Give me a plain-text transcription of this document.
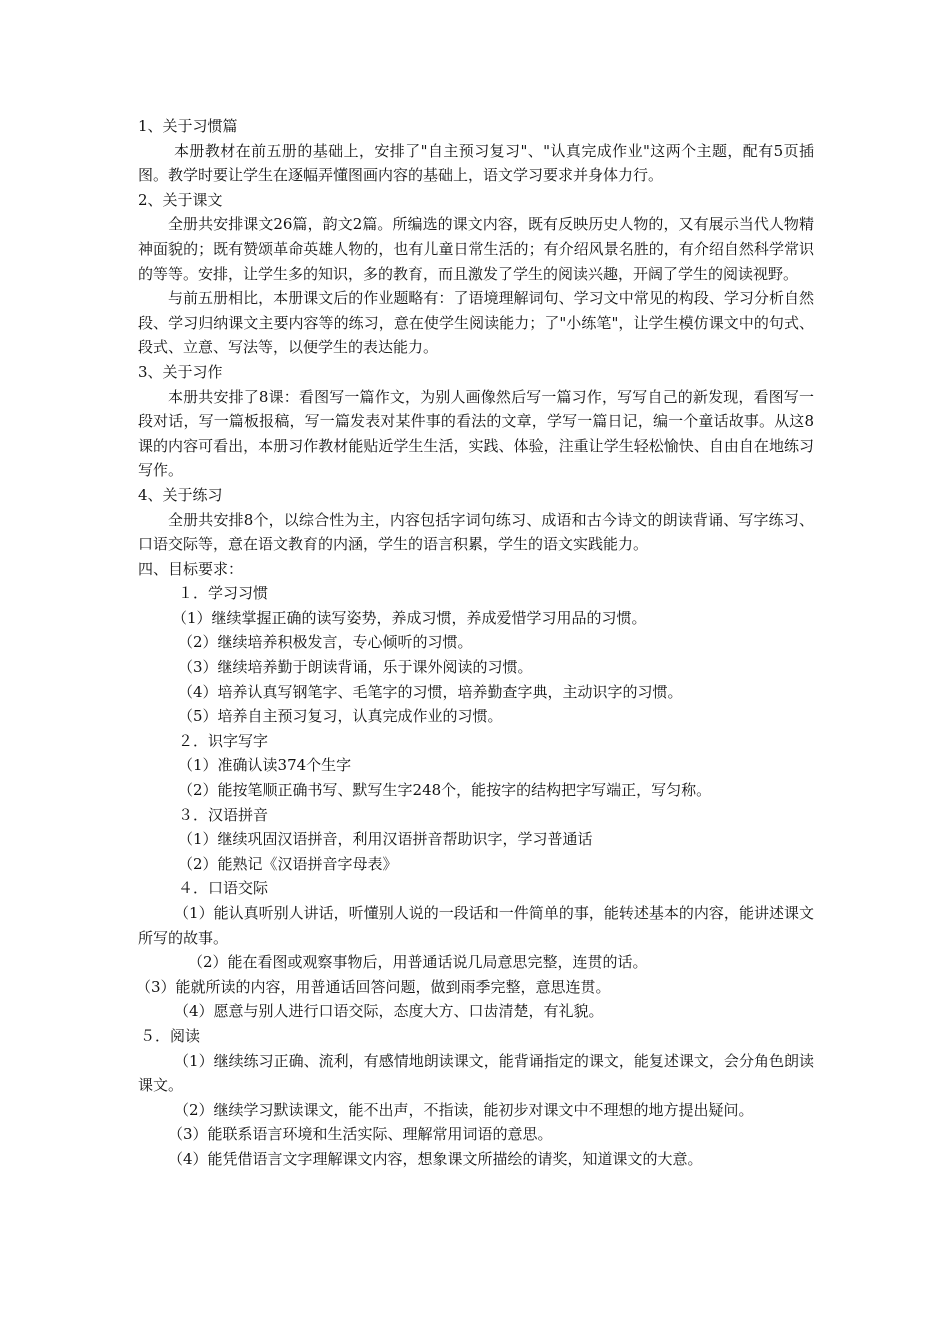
1、关于习惯篇
本册教材在前五册的基础上，安排了"自主预习复习"、"认真完成作业"这两个主题，配有5页插图。教学时要让学生在逐幅弄懂图画内容的基础上，语文学习要求并身体力行。
2、关于课文
全册共安排课文26篇，韵文2篇。所编选的课文内容，既有反映历史人物的，又有展示当代人物精神面貌的；既有赞颂革命英雄人物的，也有儿童日常生活的；有介绍风景名胜的，有介绍自然科学常识的等等。安排，让学生多的知识，多的教育，而且激发了学生的阅读兴趣，开阔了学生的阅读视野。
与前五册相比，本册课文后的作业题略有：了语境理解词句、学习文中常见的构段、学习分析自然段、学习归纳课文主要内容等的练习，意在使学生阅读能力；了"小练笔"，让学生模仿课文中的句式、段式、立意、写法等，以便学生的表达能力。
3、关于习作
本册共安排了8课：看图写一篇作文，为别人画像然后写一篇习作，写写自己的新发现，看图写一段对话，写一篇板报稿，写一篇发表对某件事的看法的文章，学写一篇日记，编一个童话故事。从这8课的内容可看出，本册习作教材能贴近学生生活，实践、体验，注重让学生轻松愉快、自由自在地练习写作。
4、关于练习
全册共安排8个，以综合性为主，内容包括字词句练习、成语和古今诗文的朗读背诵、写字练习、口语交际等，意在语文教育的内涵，学生的语言积累，学生的语文实践能力。
四、目标要求：
１．学习习惯
（1）继续掌握正确的读写姿势，养成习惯，养成爱惜学习用品的习惯。
（2）继续培养积极发言，专心倾听的习惯。
（3）继续培养勤于朗读背诵，乐于课外阅读的习惯。
（4）培养认真写钢笔字、毛笔字的习惯，培养勤查字典，主动识字的习惯。
（5）培养自主预习复习，认真完成作业的习惯。
２．识字写字
（1）准确认读374个生字
（2）能按笔顺正确书写、默写生字248个，能按字的结构把字写端正，写匀称。
３．汉语拼音
（1）继续巩固汉语拼音，利用汉语拼音帮助识字，学习普通话
（2）能熟记《汉语拼音字母表》
４．口语交际
（1）能认真听别人讲话，听懂别人说的一段话和一件简单的事，能转述基本的内容，能讲述课文所写的故事。
（2）能在看图或观察事物后，用普通话说几局意思完整，连贯的话。
（3）能就所读的内容，用普通话回答问题，做到雨季完整，意思连贯。
（4）愿意与别人进行口语交际，态度大方、口齿清楚，有礼貌。
５．阅读
（1）继续练习正确、流利，有感情地朗读课文，能背诵指定的课文，能复述课文，会分角色朗读课文。
（2）继续学习默读课文，能不出声，不指读，能初步对课文中不理想的地方提出疑问。
（3）能联系语言环境和生活实际、理解常用词语的意思。
（4）能凭借语言文字理解课文内容，想象课文所描绘的请奖，知道课文的大意。
